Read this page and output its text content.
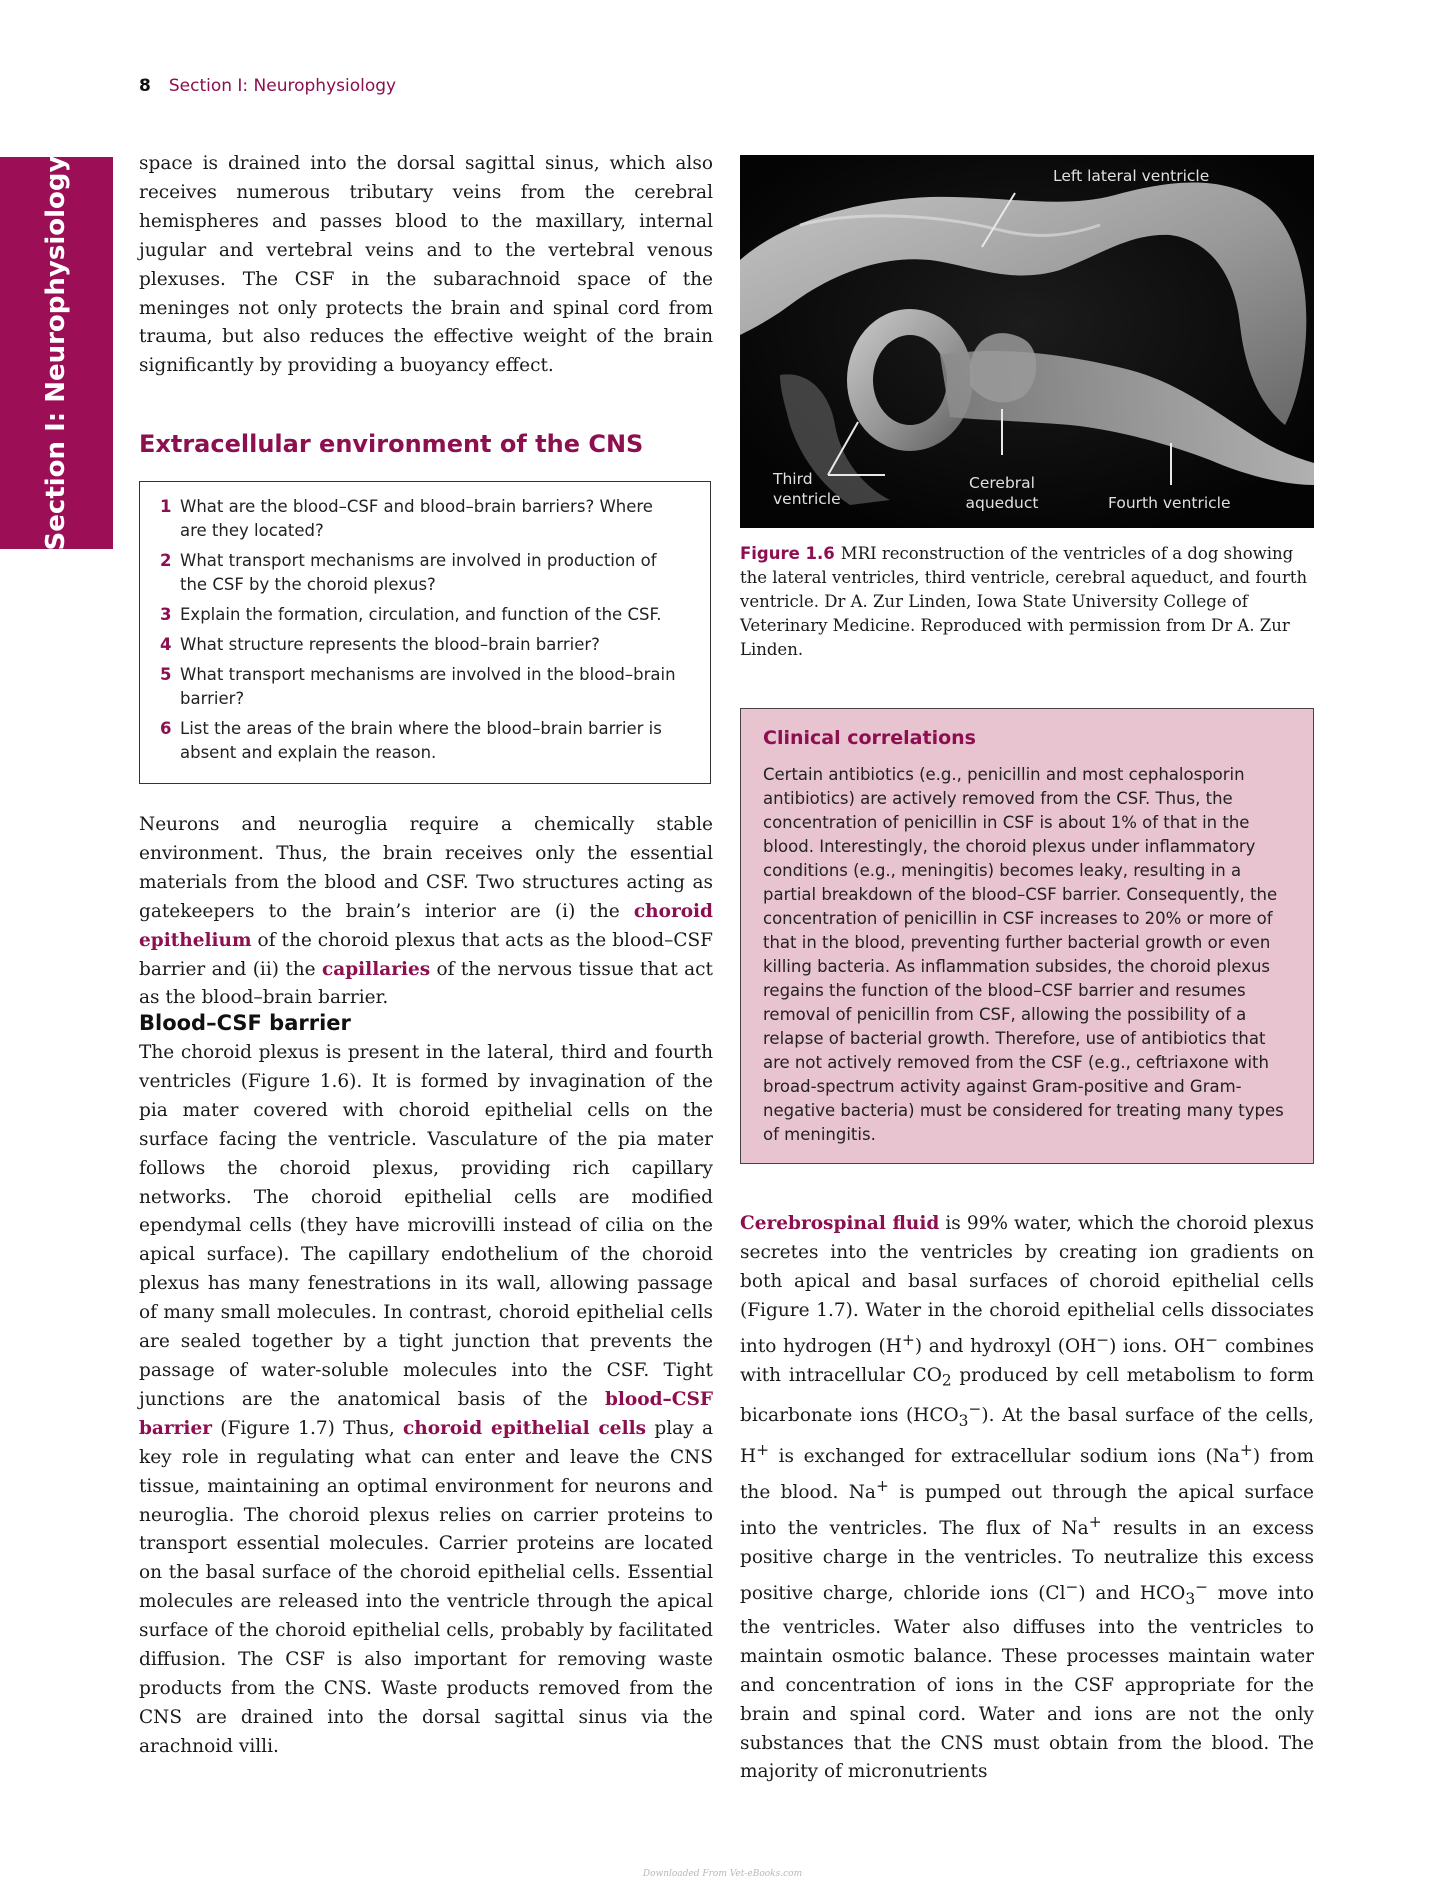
8 Section I: Neurophysiology
Section I: Neurophysiology	space is drained into the dorsal sagittal sinus, which also receives numerous tributary veins from the cerebral hemispheres and passes blood to the maxillary, internal jugular and vertebral veins and to the vertebral venous plexuses. The CSF in the subarachnoid space of the meninges not only protects the brain and spinal cord from trauma, but also reduces the effective weight of the brain significantly by providing a buoyancy effect.

Extracellular environment of the CNS
1 What are the blood–CSF and blood–brain barriers? Where are they located?
2 What transport mechanisms are involved in production of the CSF by the choroid plexus?
3 Explain the formation, circulation, and function of the CSF.
4 What structure represents the blood–brain barrier?
5 What transport mechanisms are involved in the blood–brain barrier?
6 List the areas of the brain where the blood–brain barrier is absent and explain the reason.

Neurons and neuroglia require a chemically stable environment. Thus, the brain receives only the essential materials from the blood and CSF. Two structures acting as gatekeepers to the brain’s interior are (i) the choroid epithelium of the choroid plexus that acts as the blood–CSF barrier and (ii) the capillaries of the nervous tissue that act as the blood–brain barrier.

Blood–CSF barrier

The choroid plexus is present in the lateral, third and fourth ventricles (Figure 1.6). It is formed by invagination of the pia mater covered with choroid epithelial cells on the surface facing the ventricle. Vasculature of the pia mater follows the choroid plexus, providing rich capillary networks. The choroid epithelial cells are modified ependymal cells (they have microvilli instead of cilia on the apical surface). The capillary endothelium of the choroid plexus has many fenestrations in its wall, allowing passage of many small molecules. In contrast, choroid epithelial cells are sealed together by a tight junction that prevents the passage of water-soluble molecules into the CSF. Tight junctions are the anatomical basis of the blood–CSF barrier (Figure 1.7) Thus, choroid epithelial cells play a key role in regulating what can enter and leave the CNS tissue, maintaining an optimal environment for neurons and neuroglia. The choroid plexus relies on carrier proteins to transport essential molecules. Carrier proteins are located on the basal surface of the choroid epithelial cells. Essential molecules are released into the ventricle through the apical surface of the choroid epithelial cells, probably by facilitated diffusion. The CSF is also important for removing waste products from the CNS. Waste products removed from the CNS are drained into the dorsal sagittal sinus via the arachnoid villi.

Left lateral ventricle
Third ventricle
Cerebral aqueduct	Fourth ventricle

Figure 1.6 MRI reconstruction of the ventricles of a dog showing the lateral ventricles, third ventricle, cerebral aqueduct, and fourth ventricle. Dr A. Zur Linden, Iowa State University College of Veterinary Medicine. Reproduced with permission from Dr A. Zur Linden.

Clinical correlations

Certain antibiotics (e.g., penicillin and most cephalosporin antibiotics) are actively removed from the CSF. Thus, the concentration of penicillin in CSF is about 1% of that in the blood. Interestingly, the choroid plexus under inflammatory conditions (e.g., meningitis) becomes leaky, resulting in a partial breakdown of the blood–CSF barrier. Consequently, the concentration of penicillin in CSF increases to 20% or more of that in the blood, preventing further bacterial growth or even killing bacteria. As inflammation subsides, the choroid plexus regains the function of the blood–CSF barrier and resumes removal of penicillin from CSF, allowing the possibility of a relapse of bacterial growth. Therefore, use of antibiotics that are not actively removed from the CSF (e.g., ceftriaxone with broad-spectrum activity against Gram-positive and Gram-negative bacteria) must be considered for treating many types of meningitis.

Cerebrospinal fluid is 99% water, which the choroid plexus secretes into the ventricles by creating ion gradients on both apical and basal surfaces of choroid epithelial cells (Figure 1.7). Water in the choroid epithelial cells dissociates into hydrogen (H+) and hydroxyl (OH−) ions. OH− combines with intracellular $CO_2$ produced by cell metabolism to form bicarbonate ions $(HCO_3^-)$. At the basal surface of the cells, H+ is exchanged for extracellular sodium ions (Na+) from the blood. Na+ is pumped out through the apical surface into the ventricles. The flux of Na+ results in an excess positive charge in the ventricles. To neutralize this excess positive charge, chloride ions (Cl−) and $HCO_3^-$ move into the ventricles. Water also diffuses into the ventricles to maintain osmotic balance. These processes maintain water and concentration of ions in the CSF appropriate for the brain and spinal cord. Water and ions are not the only substances that the CNS must obtain from the blood. The majority of micronutrients

Downloaded From Vet-eBooks.com
